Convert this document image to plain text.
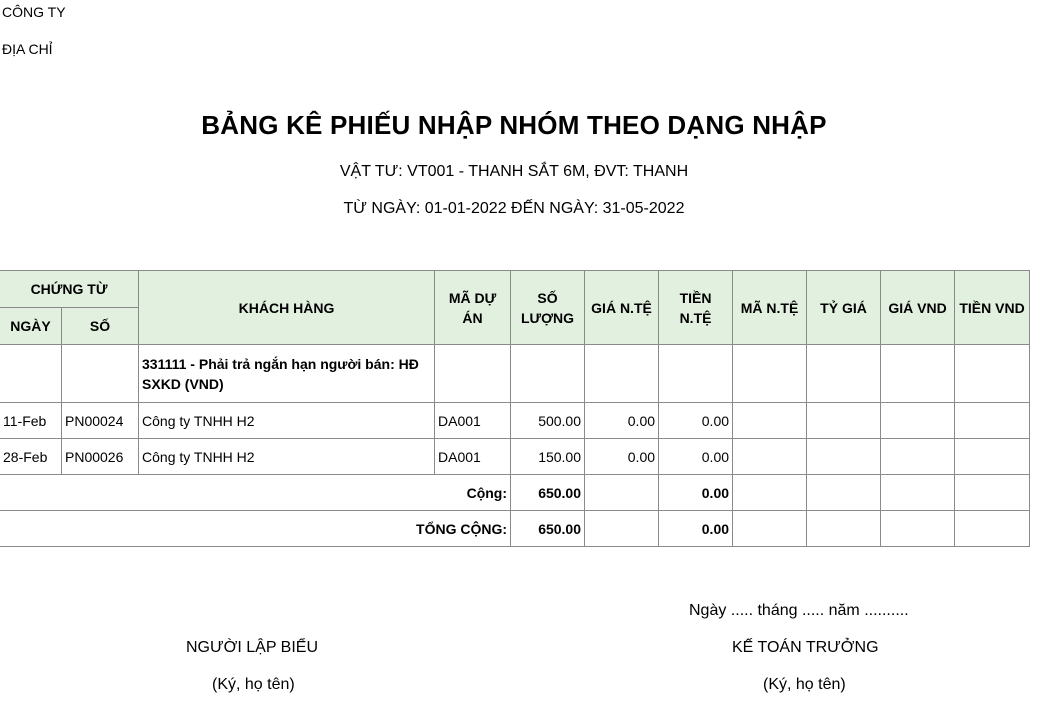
CÔNG TY
ĐỊA CHỈ
BẢNG KÊ PHIẾU NHẬP NHÓM THEO DẠNG NHẬP
VẬT TƯ: VT001 - THANH SẮT 6M, ĐVT: THANH
TỪ NGÀY: 01-01-2022 ĐẾN NGÀY: 31-05-2022
CHỨNG TỪ		KHÁCH HÀNG	MÃ DỰ ÁN	SỐ LƯỢNG	GIÁ N.TỆ	TIỀN N.TỆ	MÃ N.TỆ	TỶ GIÁ	GIÁ VND	TIỀN VND
NGÀY	SỐ									
		331111 - Phải trả ngắn hạn người bán: HĐ SXKD (VND)								
11-Feb	PN00024	Công ty TNHH H2	DA001	500.00	0.00	0.00				
28-Feb	PN00026	Công ty TNHH H2	DA001	150.00	0.00	0.00				
Cộng:				650.00		0.00				
TỔNG CỘNG:				650.00		0.00				
Ngày ..... tháng ..... năm ..........
NGƯỜI LẬP BIỂU	KẾ TOÁN TRƯỞNG
(Ký, họ tên)	(Ký, họ tên)
